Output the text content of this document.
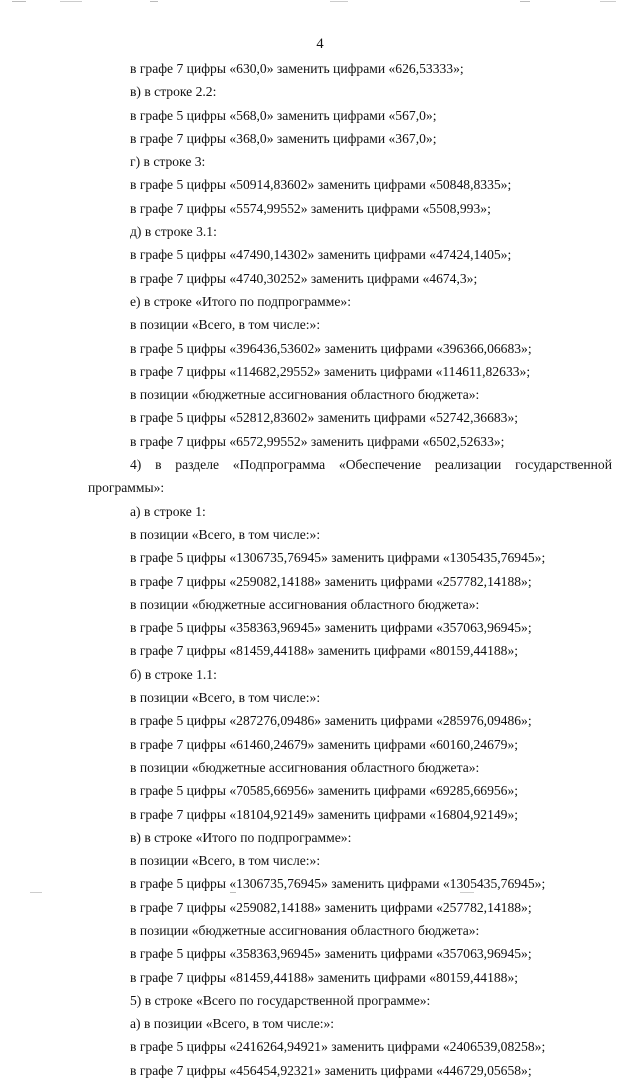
4
в графе 7 цифры «630,0» заменить цифрами «626,53333»;
в) в строке 2.2:
в графе 5 цифры «568,0» заменить цифрами «567,0»;
в графе 7 цифры «368,0» заменить цифрами «367,0»;
г) в строке 3:
в графе 5 цифры «50914,83602» заменить цифрами «50848,8335»;
в графе 7 цифры «5574,99552» заменить цифрами «5508,993»;
д) в строке 3.1:
в графе 5 цифры «47490,14302» заменить цифрами «47424,1405»;
в графе 7 цифры «4740,30252» заменить цифрами «4674,3»;
е) в строке «Итого по подпрограмме»:
в позиции «Всего, в том числе:»:
в графе 5 цифры «396436,53602» заменить цифрами «396366,06683»;
в графе 7 цифры «114682,29552» заменить цифрами «114611,82633»;
в позиции «бюджетные ассигнования областного бюджета»:
в графе 5 цифры «52812,83602» заменить цифрами «52742,36683»;
в графе 7 цифры «6572,99552» заменить цифрами «6502,52633»;
4) в разделе «Подпрограмма «Обеспечение реализации государственной
программы»:
а) в строке 1:
в позиции «Всего, в том числе:»:
в графе 5 цифры «1306735,76945» заменить цифрами «1305435,76945»;
в графе 7 цифры «259082,14188» заменить цифрами «257782,14188»;
в позиции «бюджетные ассигнования областного бюджета»:
в графе 5 цифры «358363,96945» заменить цифрами «357063,96945»;
в графе 7 цифры «81459,44188» заменить цифрами «80159,44188»;
б) в строке 1.1:
в позиции «Всего, в том числе:»:
в графе 5 цифры «287276,09486» заменить цифрами «285976,09486»;
в графе 7 цифры «61460,24679» заменить цифрами «60160,24679»;
в позиции «бюджетные ассигнования областного бюджета»:
в графе 5 цифры «70585,66956» заменить цифрами «69285,66956»;
в графе 7 цифры «18104,92149» заменить цифрами «16804,92149»;
в) в строке «Итого по подпрограмме»:
в позиции «Всего, в том числе:»:
в графе 5 цифры «1306735,76945» заменить цифрами «1305435,76945»;
в графе 7 цифры «259082,14188» заменить цифрами «257782,14188»;
в позиции «бюджетные ассигнования областного бюджета»:
в графе 5 цифры «358363,96945» заменить цифрами «357063,96945»;
в графе 7 цифры «81459,44188» заменить цифрами «80159,44188»;
5) в строке «Всего по государственной программе»:
а) в позиции «Всего, в том числе:»:
в графе 5 цифры «2416264,94921» заменить цифрами «2406539,08258»;
в графе 7 цифры «456454,92321» заменить цифрами «446729,05658»;
